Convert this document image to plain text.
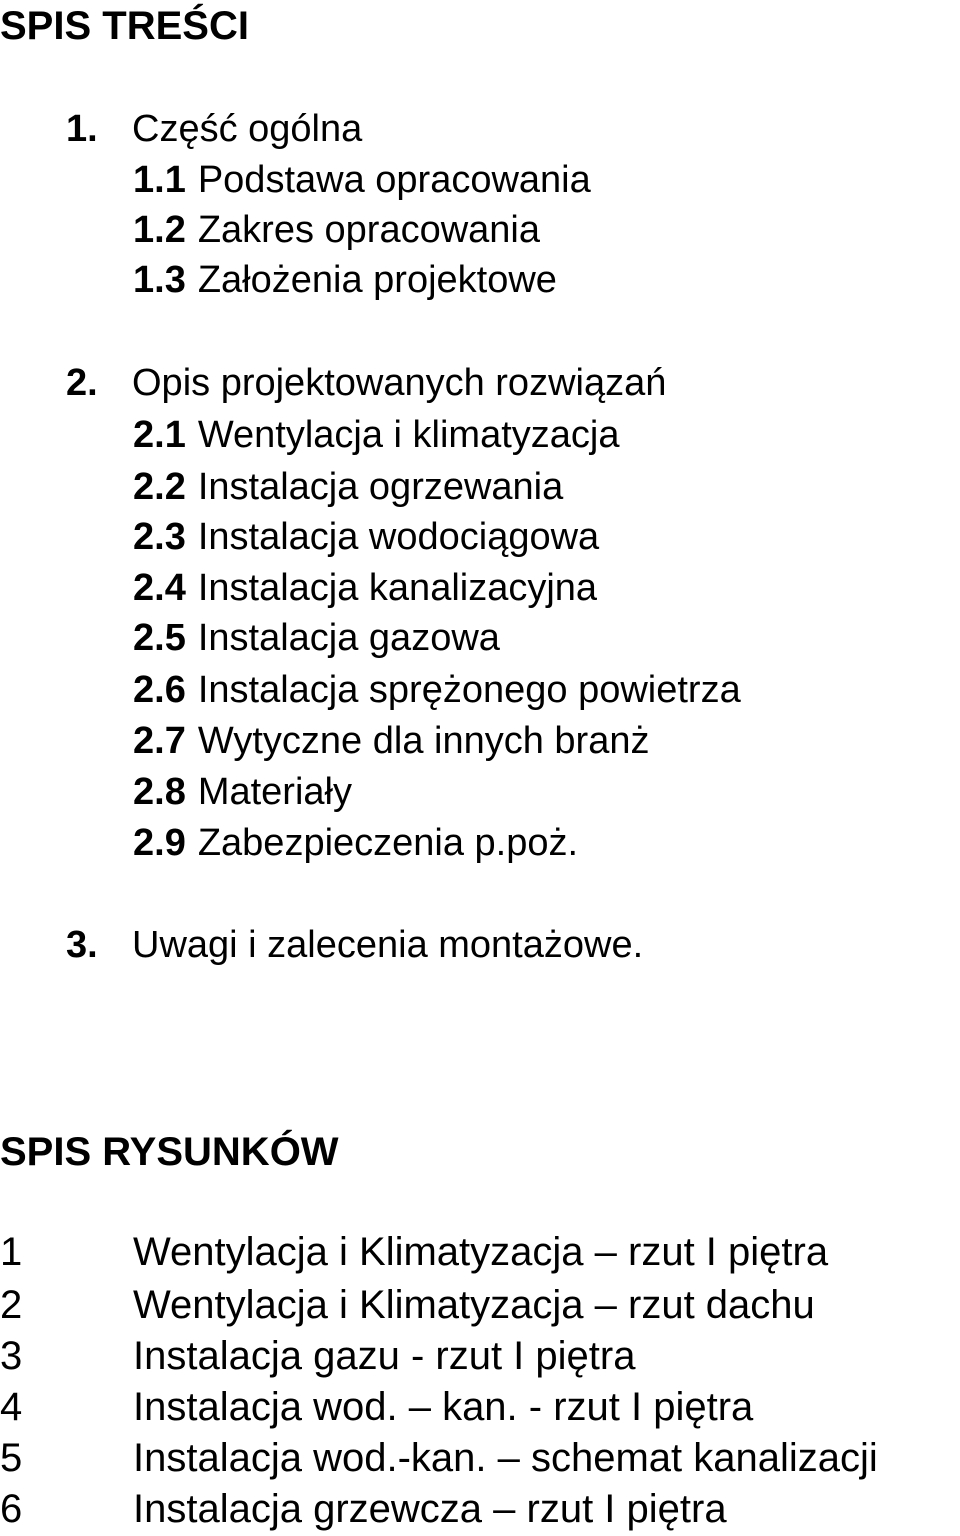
SPIS TREŚCI
1. Część ogólna
1.1 Podstawa opracowania
1.2 Zakres opracowania
1.3 Założenia projektowe
2. Opis projektowanych rozwiązań
2.1 Wentylacja i klimatyzacja
2.2 Instalacja ogrzewania
2.3 Instalacja wodociągowa
2.4 Instalacja kanalizacyjna
2.5 Instalacja gazowa
2.6 Instalacja sprężonego powietrza
2.7 Wytyczne dla innych branż
2.8 Materiały
2.9 Zabezpieczenia p.poż.
3. Uwagi i zalecenia montażowe.
SPIS RYSUNKÓW
1	Wentylacja i Klimatyzacja – rzut I piętra
2	Wentylacja i Klimatyzacja – rzut dachu
3	Instalacja gazu - rzut I piętra
4	Instalacja wod. – kan. - rzut I piętra
5	Instalacja wod.-kan. – schemat kanalizacji
6	Instalacja grzewcza – rzut I piętra
